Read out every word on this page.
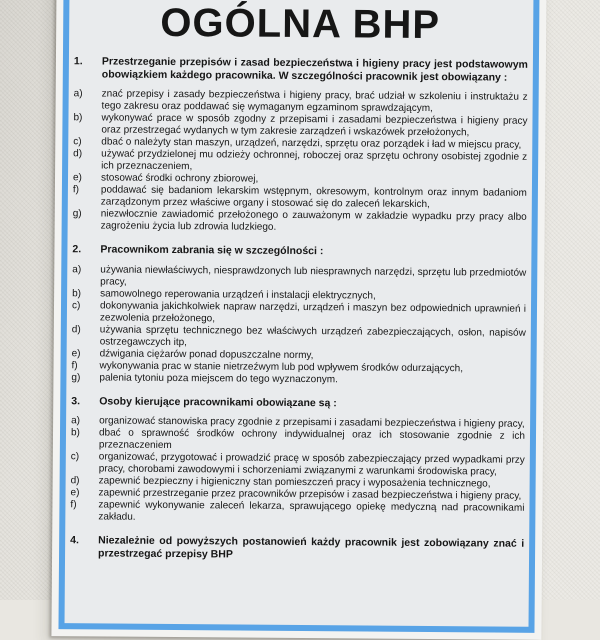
OGÓLNA BHP
1.	Przestrzeganie przepisów i zasad bezpieczeństwa i higieny pracy jest podstawowym obowiązkiem każdego pracownika. W szczególności pracownik jest obowiązany :
a)	znać przepisy i zasady bezpieczeństwa i higieny pracy, brać udział w szkoleniu i instruktażu z tego zakresu oraz poddawać się wymaganym egzaminom sprawdzającym,
b)	wykonywać prace w sposób zgodny z przepisami i zasadami bezpieczeństwa i higieny pracy oraz przestrzegać wydanych w tym zakresie zarządzeń i wskazówek przełożonych,
c)	dbać o należyty stan maszyn, urządzeń, narzędzi, sprzętu oraz porządek i ład w miejscu pracy,
d)	używać przydzielonej mu odzieży ochronnej, roboczej oraz sprzętu ochrony osobistej zgodnie z ich przeznaczeniem,
e)	stosować środki ochrony zbiorowej,
f)	poddawać się badaniom lekarskim wstępnym, okresowym, kontrolnym oraz innym badaniom zarządzonym przez właściwe organy i stosować się do zaleceń lekarskich,
g)	niezwłocznie zawiadomić przełożonego o zauważonym w zakładzie wypadku przy pracy albo zagrożeniu życia lub zdrowia ludzkiego.
2.	Pracownikom zabrania się w szczególności :
a)	używania niewłaściwych, niesprawdzonych lub niesprawnych narzędzi, sprzętu lub przedmiotów pracy,
b)	samowolnego reperowania urządzeń i instalacji elektrycznych,
c)	dokonywania jakichkolwiek napraw narzędzi, urządzeń i maszyn bez odpowiednich uprawnień i zezwolenia przełożonego,
d)	używania sprzętu technicznego bez właściwych urządzeń zabezpieczających, osłon, napisów ostrzegawczych itp,
e)	dźwigania ciężarów ponad dopuszczalne normy,
f)	wykonywania prac w stanie nietrzeźwym lub pod wpływem środków odurzających,
g)	palenia tytoniu poza miejscem do tego wyznaczonym.
3.	Osoby kierujące pracownikami obowiązane są :
a)	organizować stanowiska pracy zgodnie z przepisami i zasadami bezpieczeństwa i higieny pracy,
b)	dbać o sprawność środków ochrony indywidualnej oraz ich stosowanie zgodnie z ich przeznaczeniem
c)	organizować, przygotować i prowadzić pracę w sposób zabezpieczający przed wypadkami przy pracy, chorobami zawodowymi i schorzeniami związanymi z warunkami środowiska pracy,
d)	zapewnić bezpieczny i higieniczny stan pomieszczeń pracy i wyposażenia technicznego,
e)	zapewnić przestrzeganie przez pracowników przepisów i zasad bezpieczeństwa i higieny pracy,
f)	zapewnić wykonywanie zaleceń lekarza, sprawującego opiekę medyczną nad pracownikami zakładu.
4.	Niezależnie od powyższych postanowień każdy pracownik jest zobowiązany znać i przestrzegać przepisy BHP
